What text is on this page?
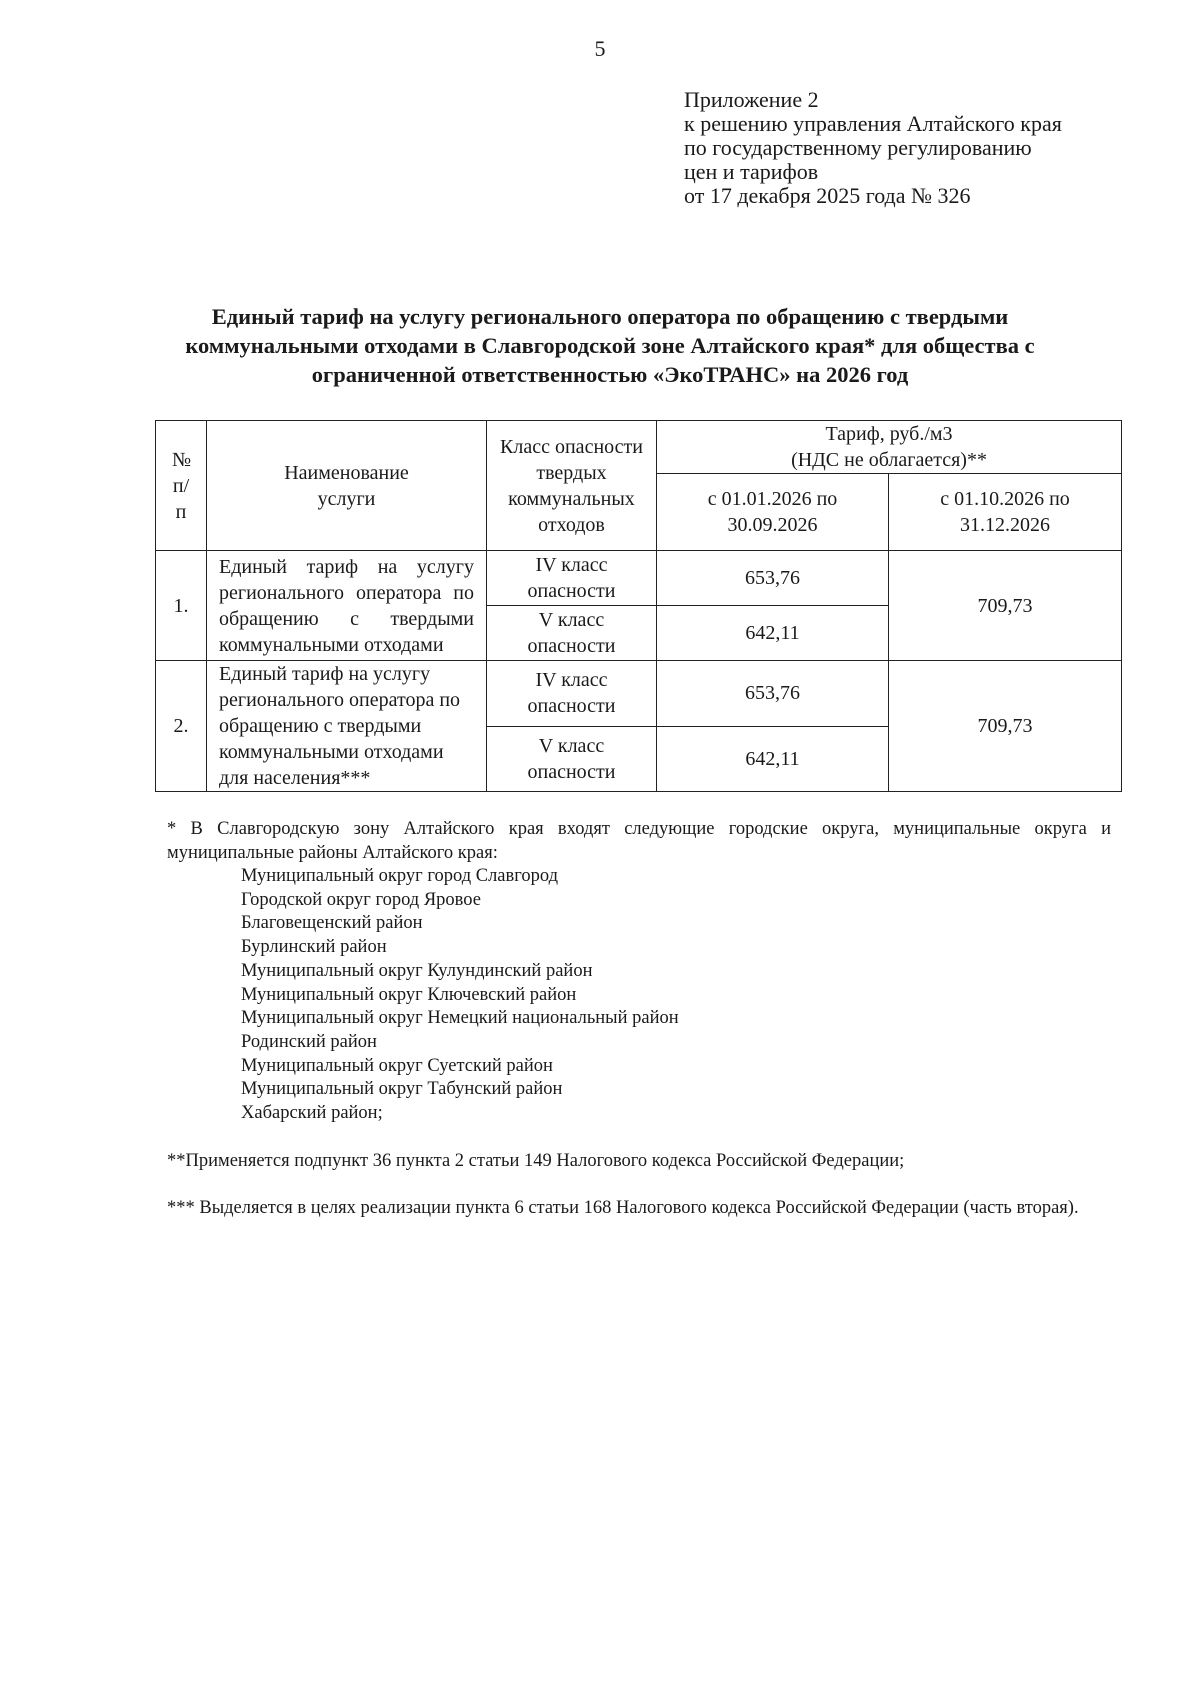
5
Приложение 2
к решению управления Алтайского края
по государственному регулированию
цен и тарифов
от 17 декабря 2025 года № 326
Единый тариф на услугу регионального оператора по обращению с твердыми
коммунальными отходами в Славгородской зоне Алтайского края* для общества с
ограниченной ответственностью «ЭкоТРАНС» на 2026 год
№ п/п	Наименование услуги	Класс опасности твердых коммунальных отходов	Тариф, руб./м3
(НДС не облагается)**	

			с 01.01.2026 по 30.09.2026	с 01.10.2026 по 31.12.2026
1.	Единый тариф на услугу регионального оператора по обращению с твердыми коммунальными отходами	IV класс опасности	653,76	709,73
		V класс опасности	642,11	
2.	Единый тариф на услугу регионального оператора по обращению с твердыми коммунальными отходами для населения***	IV класс опасности	653,76	709,73
		V класс опасности	642,11	
* В Славгородскую зону Алтайского края входят следующие городские округа, муниципальные округа и муниципальные районы Алтайского края:
Муниципальный округ город Славгород
Городской округ город Яровое
Благовещенский район
Бурлинский район
Муниципальный округ Кулундинский район
Муниципальный округ Ключевский район
Муниципальный округ Немецкий национальный район
Родинский район
Муниципальный округ Суетский район
Муниципальный округ Табунский район
Хабарский район;
**Применяется подпункт 36 пункта 2 статьи 149 Налогового кодекса Российской Федерации;
*** Выделяется в целях реализации пункта 6 статьи 168 Налогового кодекса Российской Федерации (часть вторая).
